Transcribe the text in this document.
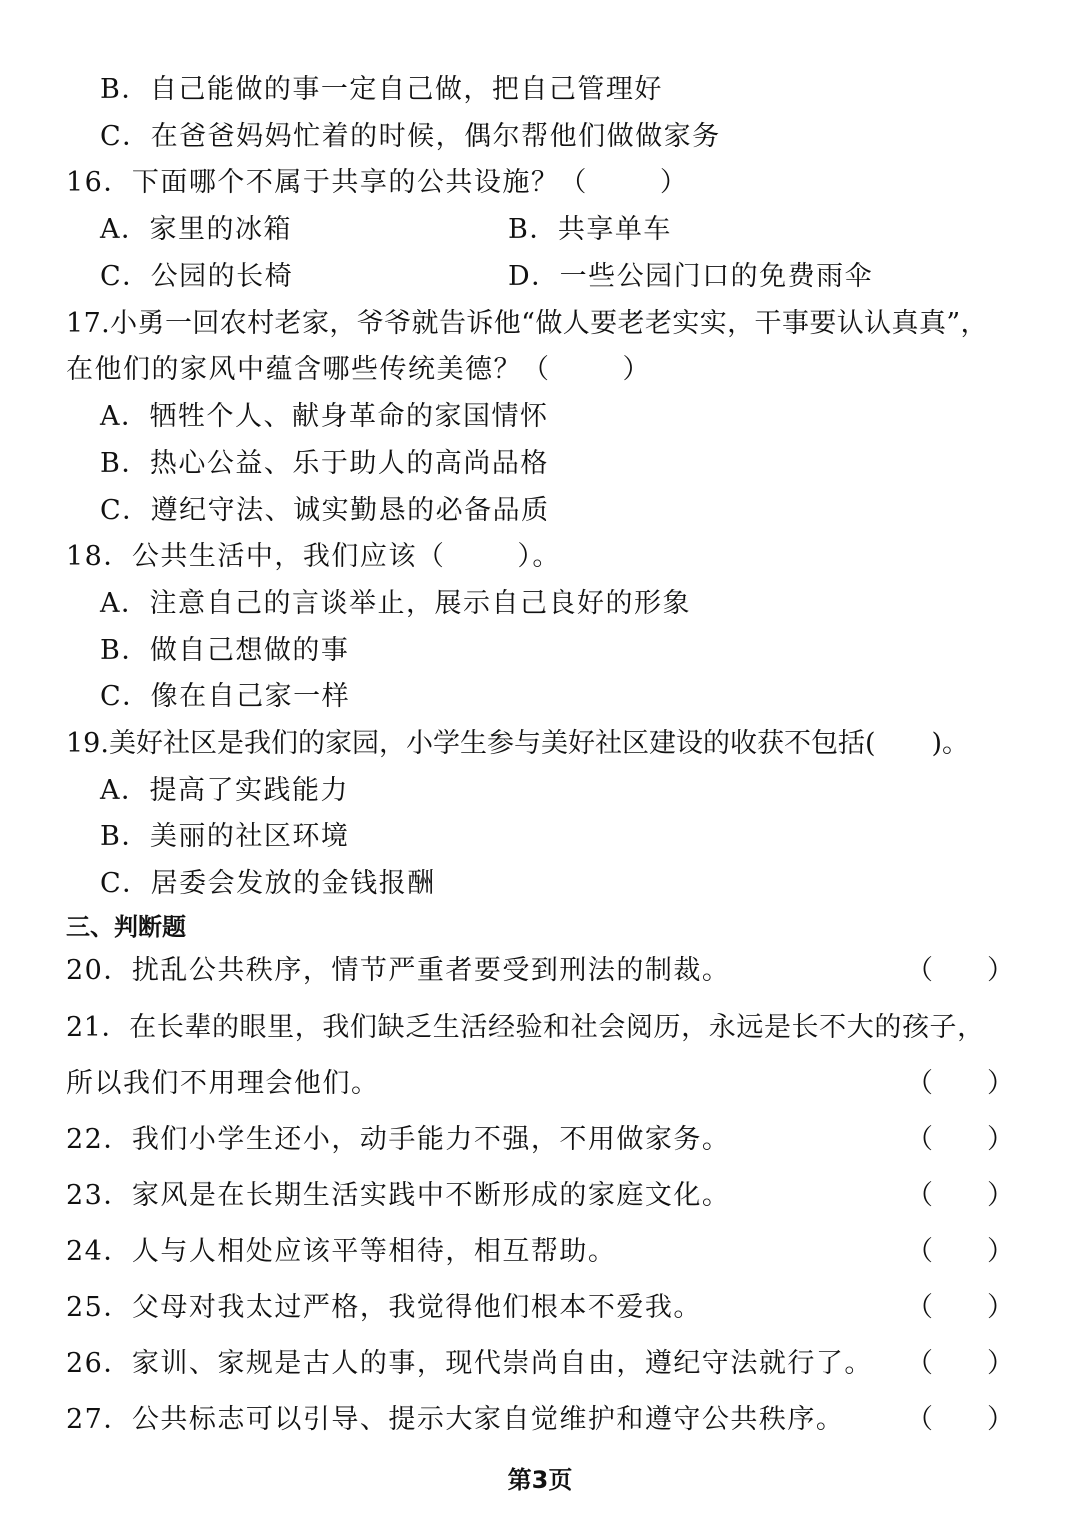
B．自己能做的事一定自己做，把自己管理好
C．在爸爸妈妈忙着的时候，偶尔帮他们做做家务
16．下面哪个不属于共享的公共设施？（	）
A．家里的冰箱	B．共享单车
C．公园的长椅	D．一些公园门口的免费雨伞
17.小勇一回农村老家，爷爷就告诉他“做人要老老实实，干事要认认真真”，
在他们的家风中蕴含哪些传统美德？（	）
A．牺牲个人、献身革命的家国情怀
B．热心公益、乐于助人的高尚品格
C．遵纪守法、诚实勤恳的必备品质
18．公共生活中，我们应该（	）。
A．注意自己的言谈举止，展示自己良好的形象
B．做自己想做的事
C．像在自己家一样
19.美好社区是我们的家园，小学生参与美好社区建设的收获不包括( )。
A．提高了实践能力
B．美丽的社区环境
C．居委会发放的金钱报酬
三、判断题
20．扰乱公共秩序，情节严重者要受到刑法的制裁。	（　　）
21．在长辈的眼里，我们缺乏生活经验和社会阅历，永远是长不大的孩子，
所以我们不用理会他们。	（　　）
22．我们小学生还小，动手能力不强，不用做家务。	（　　）
23．家风是在长期生活实践中不断形成的家庭文化。	（　　）
24．人与人相处应该平等相待，相互帮助。	（　　）
25．父母对我太过严格，我觉得他们根本不爱我。	（　　）
26．家训、家规是古人的事，现代崇尚自由，遵纪守法就行了。 （　　）
27．公共标志可以引导、提示大家自觉维护和遵守公共秩序。 （　　）
第3页
